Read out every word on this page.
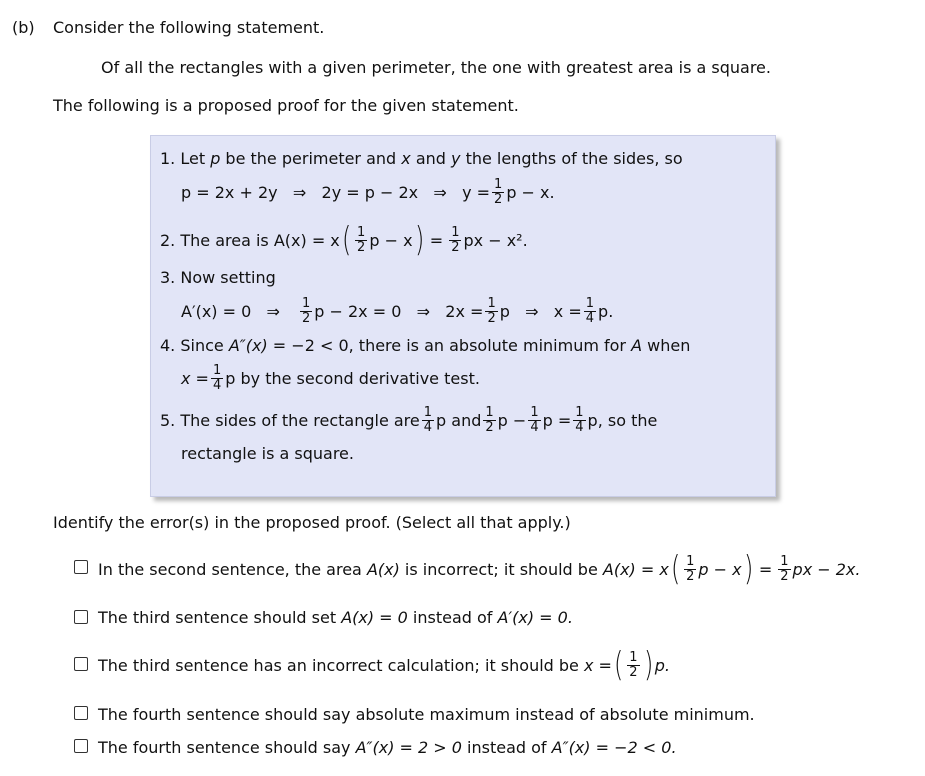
(b) Consider the following statement.
Of all the rectangles with a given perimeter, the one with greatest area is a square.
The following is a proposed proof for the given statement.
1. Let p be the perimeter and x and y the lengths of the sides, so
p = 2x + 2y   ⇒   2y = p − 2x   ⇒   $y = \frac{1}{2}$ p − x.
2. The area is A(x) = x ( $\frac{1}{2}$ p − x ) = $\frac{1}{2}$ px − x².
3. Now setting
A′(x) = 0   ⇒ $\frac{1}{2}$ p − 2x = 0   ⇒   $2x = \frac{1}{2}$ p   ⇒   $x = \frac{1}{4} p$.
4. Since A″(x) = −2 < 0, there is an absolute minimum for A when
$x = \frac{1}{4}$ p by the second derivative test.
5. The sides of the rectangle are $\frac{1}{4}$ p and $\frac{1}{2}$ $p - \frac{1}{4}$ $p = \frac{1}{4} p$, so the
rectangle is a square.
Identify the error(s) in the proposed proof. (Select all that apply.)
In the second sentence, the area A(x) is incorrect; it should be A(x) = x ( $\frac{1}{2}$ p − x ) = $\frac{1}{2}$ px − 2x.
The third sentence should set A(x) = 0 instead of A′(x) = 0.
The third sentence has an incorrect calculation; it should be x = ( $\frac{1}{2}$ ) p.
The fourth sentence should say absolute maximum instead of absolute minimum.
The fourth sentence should say A″(x) = 2 > 0 instead of A″(x) = −2 < 0.
